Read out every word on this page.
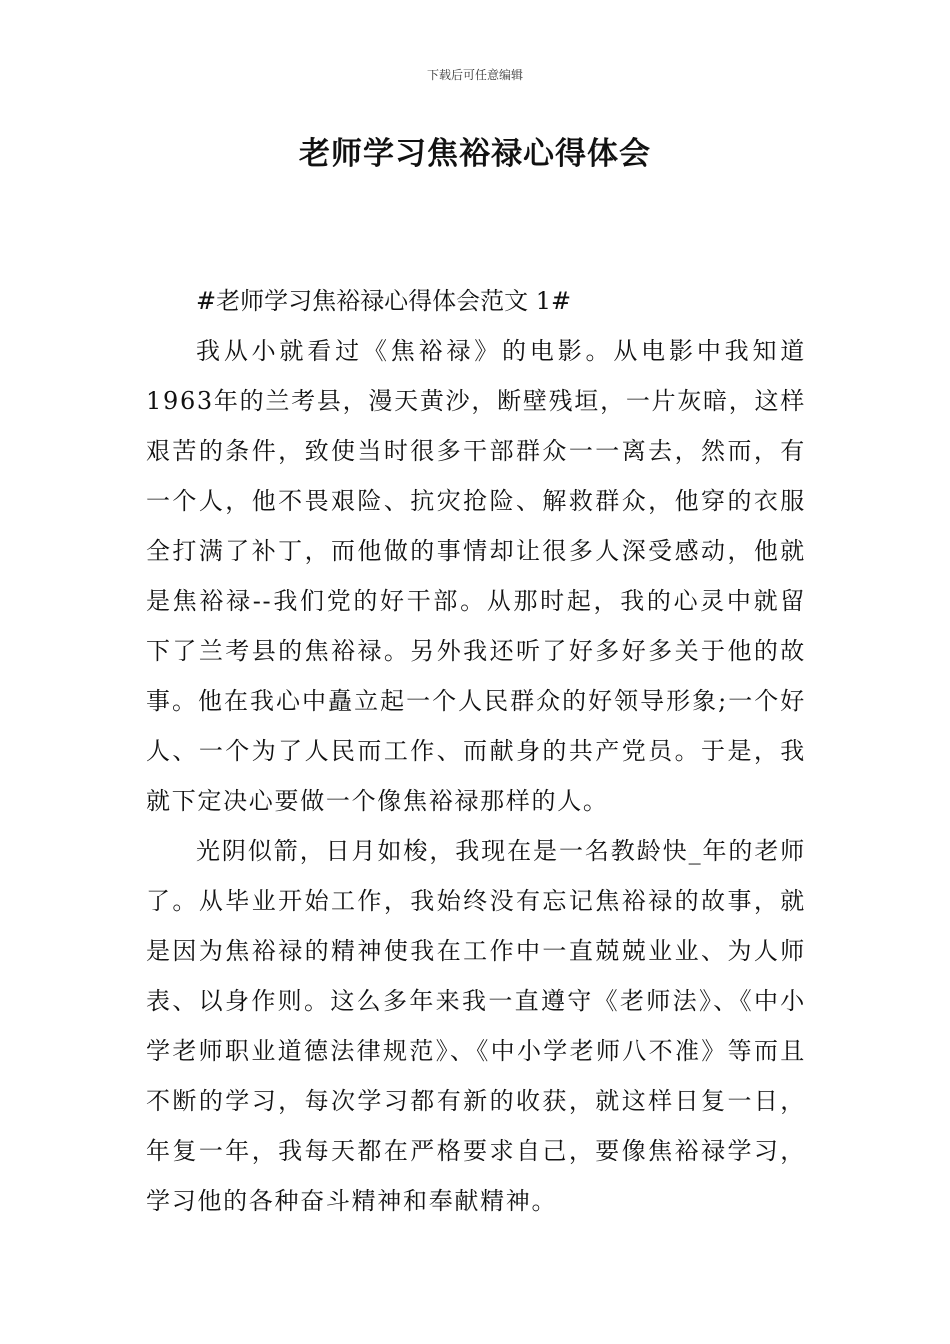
下载后可任意编辑
老师学习焦裕禄心得体会

#老师学习焦裕禄心得体会范文 1#

我从小就看过《焦裕禄》的电影。从电影中我知道1963年的兰考县，漫天黄沙，断壁残垣，一片灰暗，这样艰苦的条件，致使当时很多干部群众一一离去，然而，有一个人，他不畏艰险、抗灾抢险、解救群众，他穿的衣服全打满了补丁，而他做的事情却让很多人深受感动，他就是焦裕禄--我们党的好干部。从那时起，我的心灵中就留下了兰考县的焦裕禄。另外我还听了好多好多关于他的故事。他在我心中矗立起一个人民群众的好领导形象;一个好人、一个为了人民而工作、而献身的共产党员。于是，我就下定决心要做一个像焦裕禄那样的人。

光阴似箭，日月如梭，我现在是一名教龄快_年的老师了。从毕业开始工作，我始终没有忘记焦裕禄的故事，就是因为焦裕禄的精神使我在工作中一直兢兢业业、为人师表、以身作则。这么多年来我一直遵守《老师法》、《中小学老师职业道德法律规范》、《中小学老师八不准》等而且不断的学习，每次学习都有新的收获，就这样日复一日，年复一年，我每天都在严格要求自己，要像焦裕禄学习，学习他的各种奋斗精神和奉献精神。
